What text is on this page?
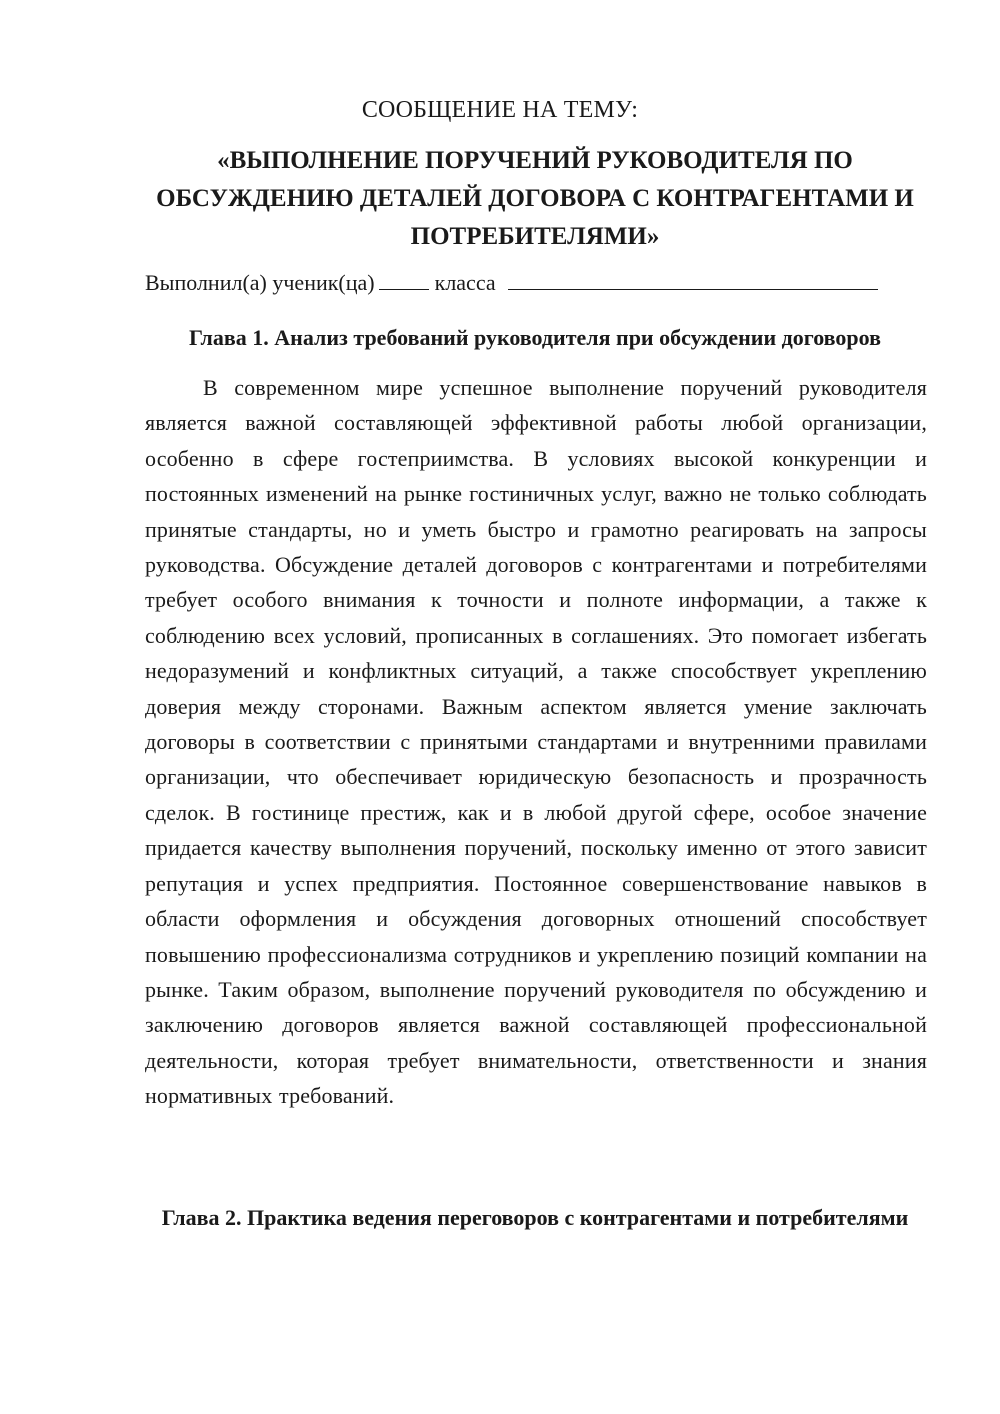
СООБЩЕНИЕ НА ТЕМУ:
«ВЫПОЛНЕНИЕ ПОРУЧЕНИЙ РУКОВОДИТЕЛЯ ПО ОБСУЖДЕНИЮ ДЕТАЛЕЙ ДОГОВОРА С КОНТРАГЕНТАМИ И ПОТРЕБИТЕЛЯМИ»
Выполнил(а) ученик(ца)	класса
Глава 1. Анализ требований руководителя при обсуждении договоров

В современном мире успешное выполнение поручений руководителя является важной составляющей эффективной работы любой организации, особенно в сфере гостеприимства. В условиях высокой конкуренции и постоянных изменений на рынке гостиничных услуг, важно не только соблюдать принятые стандарты, но и уметь быстро и грамотно реагировать на запросы руководства. Обсуждение деталей договоров с контрагентами и потребителями требует особого внимания к точности и полноте информации, а также к соблюдению всех условий, прописанных в соглашениях. Это помогает избегать недоразумений и конфликтных ситуаций, а также способствует укреплению доверия между сторонами. Важным аспектом является умение заключать договоры в соответствии с принятыми стандартами и внутренними правилами организации, что обеспечивает юридическую безопасность и прозрачность сделок. В гостинице престиж, как и в любой другой сфере, особое значение придается качеству выполнения поручений, поскольку именно от этого зависит репутация и успех предприятия. Постоянное совершенствование навыков в области оформления и обсуждения договорных отношений способствует повышению профессионализма сотрудников и укреплению позиций компании на рынке. Таким образом, выполнение поручений руководителя по обсуждению и заключению договоров является важной составляющей профессиональной деятельности, которая требует внимательности, ответственности и знания нормативных требований.

Глава 2. Практика ведения переговоров с контрагентами и потребителями
